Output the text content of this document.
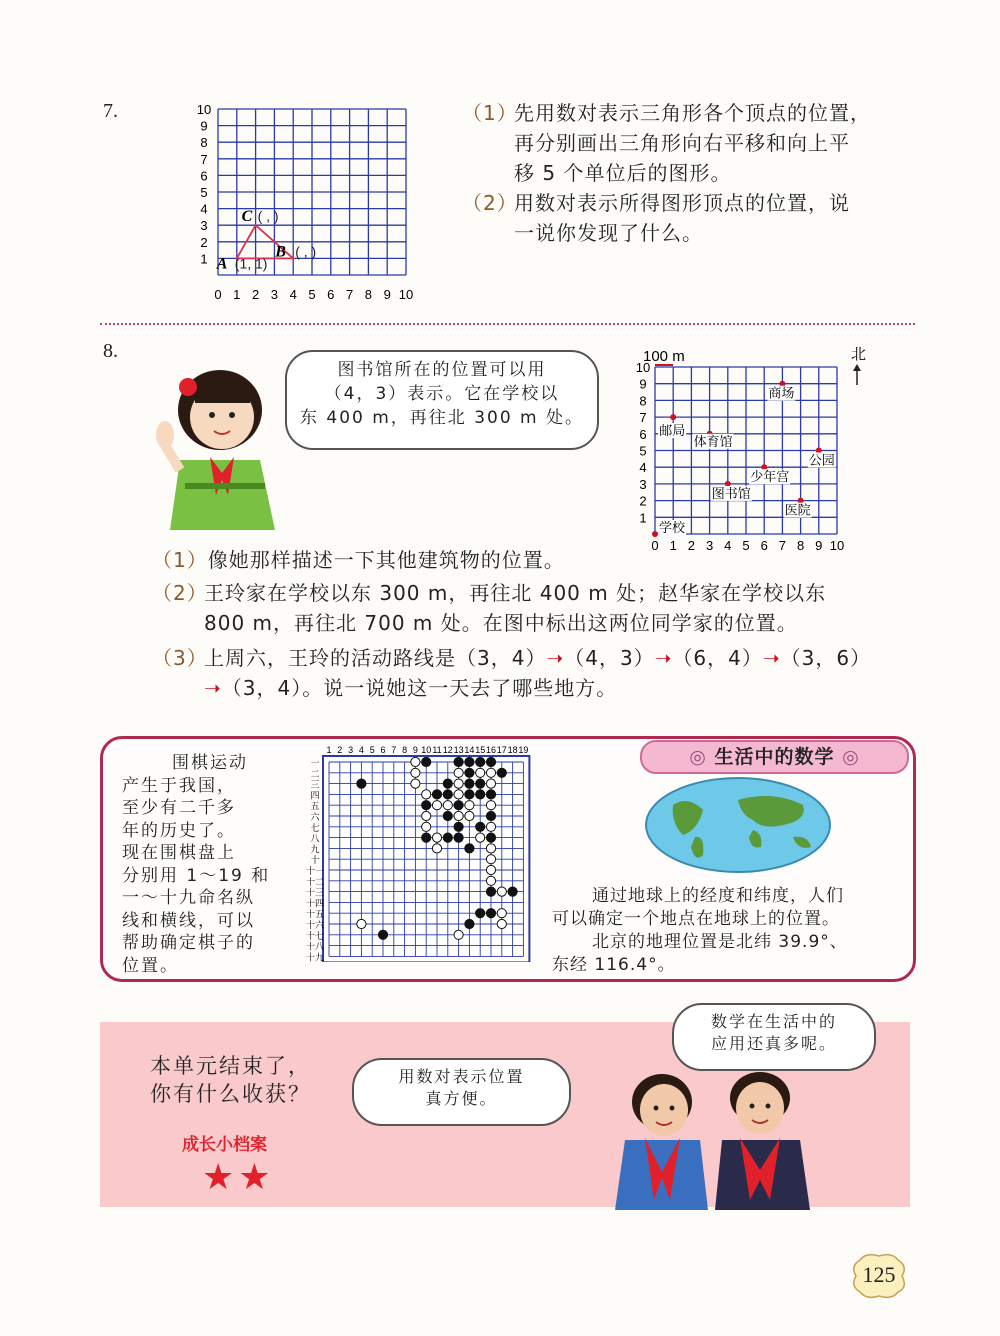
7.
0 1
1
2
2
3
3
4
4
5
5
6
6
7
7
8
8
9
9
10
10
A (1, 1)
B ( , )
C ( , )
（1）
先用数对表示三角形各个顶点的位置，
再分别画出三角形向右平移和向上平
移 5 个单位后的图形。
（2）
用数对表示所得图形顶点的位置，说
一说你发现了什么。
8.
图书馆所在的位置可以用
（4，3）表示。它在学校以
东 400 m，再往北 300 m 处。
0 1
1
2
2
3
3
4
4
5
5
6
6
7
7
8
8
9
9
10
10
100 m	北
学校
邮局
体育馆
商场
公园
少年宫
图书馆
医院
（1）像她那样描述一下其他建筑物的位置。
（2）
王玲家在学校以东 300 m，再往北 400 m 处；赵华家在学校以东
800 m，再往北 700 m 处。在图中标出这两位同学家的位置。
（3）
上周六，王玲的活动路线是（3，4）➝（4，3）➝（6，4）➝（3，6）
➝（3，4）。说一说她这一天去了哪些地方。
围棋运动
产生于我国，
至少有二千多
年的历史了。
现在围棋盘上
分别用 1～19 和
一～十九命名纵
线和横线，可以
帮助确定棋子的
位置。
1 2 3 4 5 6 7 8 9 10 11 12 13 14 15 16 17 18 19
一
二
三
四
五
六
七
八
九
十
十一
十二
十三
十四
十五
十六
十七
十八
十九
◎ 生活中的数学 ◎
通过地球上的经度和纬度，人们
可以确定一个地点在地球上的位置。
北京的地理位置是北纬 39.9°、
东经 116.4°。
本单元结束了，
你有什么收获？
成长小档案
★★
用数对表示位置
真方便。
数学在生活中的
应用还真多呢。
125
